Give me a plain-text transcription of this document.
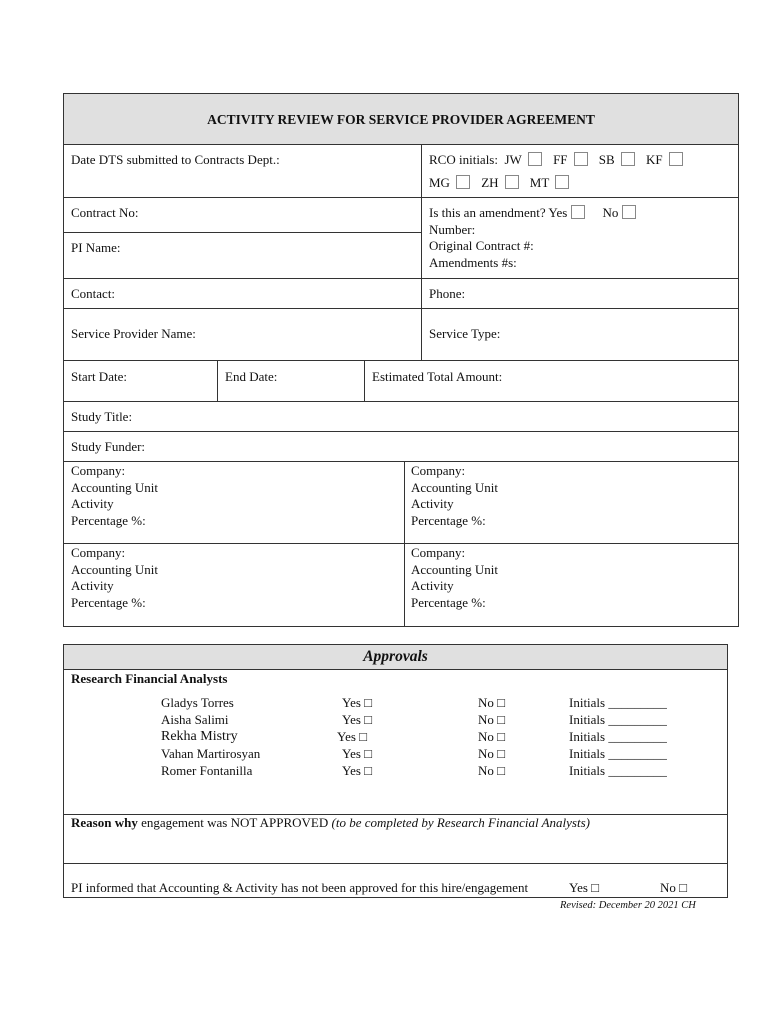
ACTIVITY REVIEW FOR SERVICE PROVIDER AGREEMENT
Date DTS submitted to Contracts Dept.:	RCO initials: JW FF SB KF
MG ZH MT
Contract No:
PI Name:
Is this an amendment? Yes	No
Number:
Original Contract #:
Amendments #s:
Contact:	Phone:
Service Provider Name:	Service Type:
Start Date:	End Date:	Estimated Total Amount:
Study Title:
Study Funder:
Company:
Accounting Unit
Activity
Percentage %:
Company:
Accounting Unit
Activity
Percentage %:
Company:
Accounting Unit
Activity
Percentage %:
Company:
Accounting Unit
Activity
Percentage %:
Approvals
Research Financial Analysts
Gladys Torres	Yes □	No □	Initials _________
Aisha Salimi	Yes □	No □	Initials _________
Rekha Mistry	Yes □	No □	Initials _________
Vahan Martirosyan	Yes □	No □	Initials _________
Romer Fontanilla	Yes □	No □	Initials _________
Reason why engagement was NOT APPROVED (to be completed by Research Financial Analysts)
PI informed that Accounting & Activity has not been approved for this hire/engagement	Yes □	No □
Revised: December 20 2021 CH
